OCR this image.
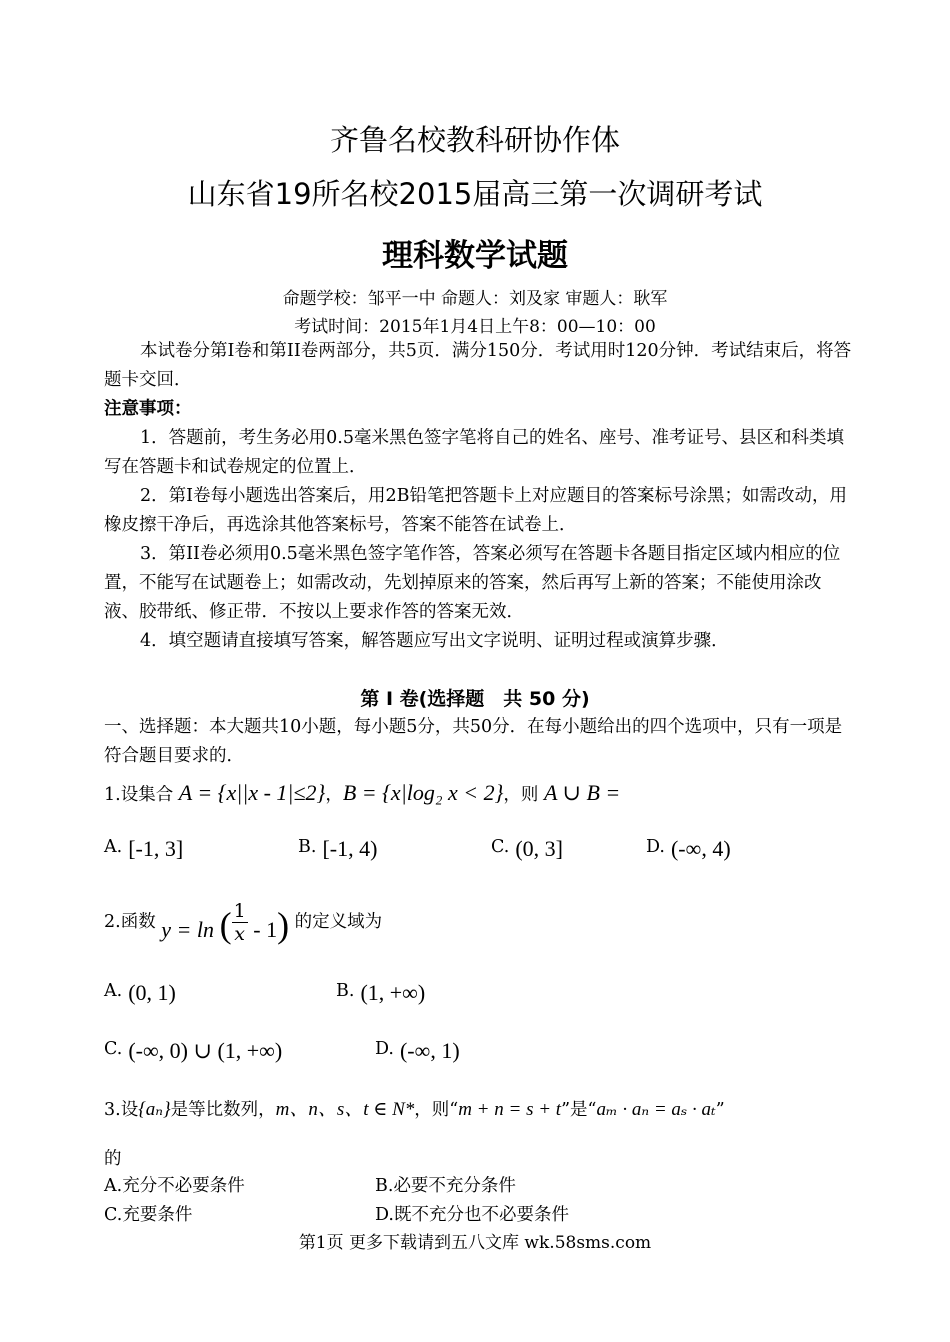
齐鲁名校教科研协作体
山东省19所名校2015届高三第一次调研考试
理科数学试题
命题学校：邹平一中 命题人：刘及家 审题人：耿军
考试时间：2015年1月4日上午8：00—10：00
本试卷分第I卷和第II卷两部分，共5页．满分150分．考试用时120分钟．考试结束后，将答题卡交回．
注意事项：
1．答题前，考生务必用0.5毫米黑色签字笔将自己的姓名、座号、准考证号、县区和科类填写在答题卡和试卷规定的位置上．
2．第I卷每小题选出答案后，用2B铅笔把答题卡上对应题目的答案标号涂黑；如需改动，用橡皮擦干净后，再选涂其他答案标号，答案不能答在试卷上．
3．第II卷必须用0.5毫米黑色签字笔作答，答案必须写在答题卡各题目指定区域内相应的位置，不能写在试题卷上；如需改动，先划掉原来的答案，然后再写上新的答案；不能使用涂改液、胶带纸、修正带．不按以上要求作答的答案无效．
4．填空题请直接填写答案，解答题应写出文字说明、证明过程或演算步骤．
第 I 卷(选择题　共 50 分)
一、选择题：本大题共10小题，每小题5分，共50分．在每小题给出的四个选项中，只有一项是符合题目要求的．
1.设集合 A = {x||x - 1|≤2}，B = {x|log₂ x < 2}，则 A ∪ B =
A. [-1, 3]	B. [-1, 4)	C. (0, 3]	D. (-∞, 4)
2.函数 y = ln ( $\frac{1}{x} - 1$) 的定义域为
A. (0, 1)	B. (1, +∞)
C. (-∞, 0) ∪ (1, +∞)	D. (-∞, 1)
3.设{aₙ}是等比数列，m、n、s、t ∈ N*，则“m + n = s + t”是“aₘ · aₙ = aₛ · aₜ”
的
A.充分不必要条件	B.必要不充分条件
C.充要条件	D.既不充分也不必要条件
第1页 更多下载请到五八文库 wk.58sms.com
